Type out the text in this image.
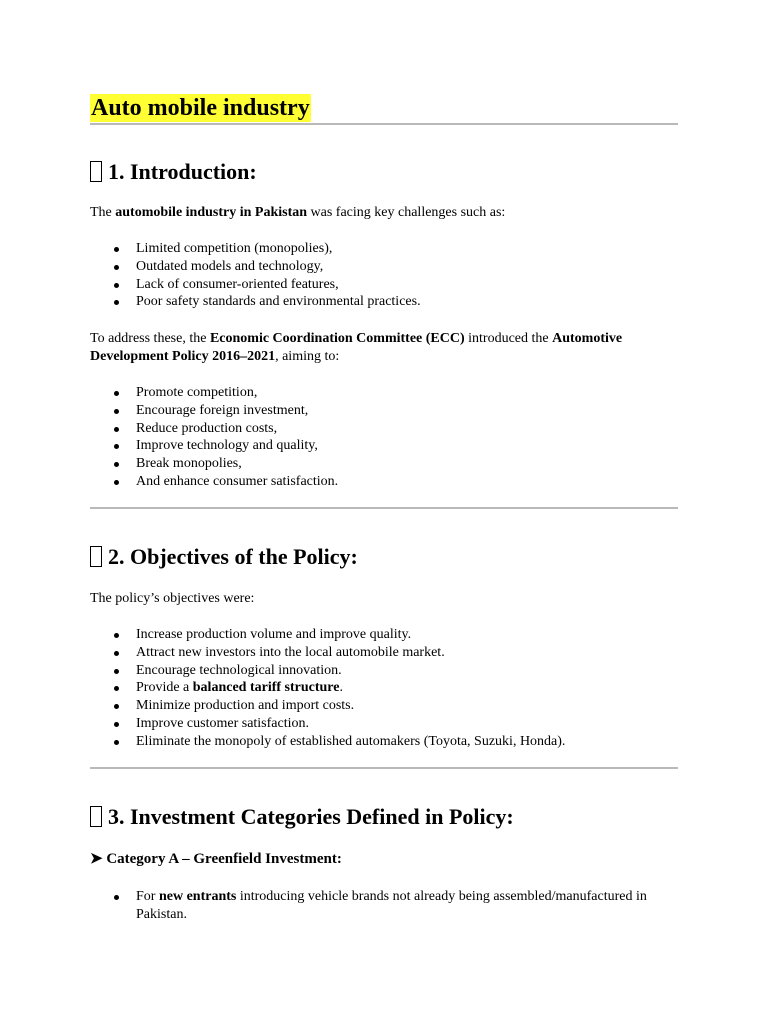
Auto mobile industry
1. Introduction:
The automobile industry in Pakistan was facing key challenges such as:
Limited competition (monopolies),
Outdated models and technology,
Lack of consumer-oriented features,
Poor safety standards and environmental practices.
To address these, the Economic Coordination Committee (ECC) introduced the Automotive Development Policy 2016–2021, aiming to:
Promote competition,
Encourage foreign investment,
Reduce production costs,
Improve technology and quality,
Break monopolies,
And enhance consumer satisfaction.
2. Objectives of the Policy:
The policy’s objectives were:
Increase production volume and improve quality.
Attract new investors into the local automobile market.
Encourage technological innovation.
Provide a balanced tariff structure.
Minimize production and import costs.
Improve customer satisfaction.
Eliminate the monopoly of established automakers (Toyota, Suzuki, Honda).
3. Investment Categories Defined in Policy:
➤ Category A – Greenfield Investment:
For new entrants introducing vehicle brands not already being assembled/manufactured in Pakistan.
